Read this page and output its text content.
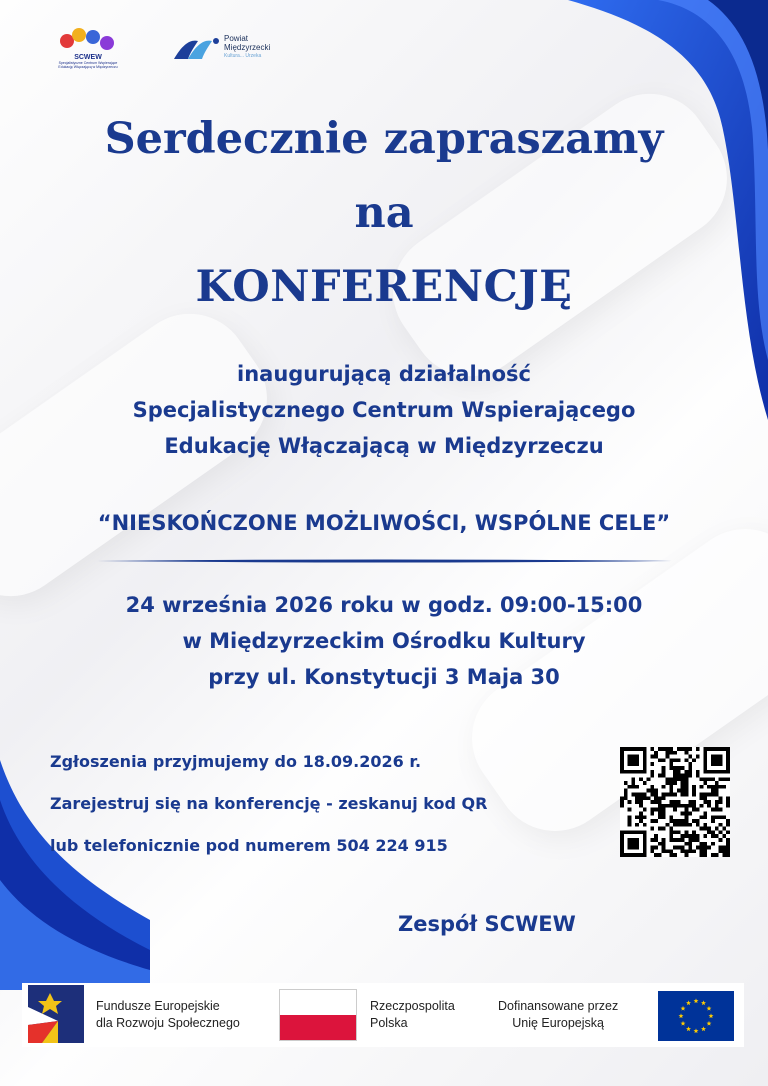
SCWEW
Specjalistyczne Centrum Wspierające Edukację Włączającą w Międzyrzeczu
Powiat
Międzyrzecki
Kultura... Urzeka
Serdecznie zapraszamy
na
KONFERENCJĘ
inaugurującą działalność
Specjalistycznego Centrum Wspierającego
Edukację Włączającą w Międzyrzeczu
“NIESKOŃCZONE MOŻLIWOŚCI, WSPÓLNE CELE”
24 września 2026 roku w godz. 09:00-15:00
w Międzyrzeckim Ośrodku Kultury
przy ul. Konstytucji 3 Maja 30
Zgłoszenia przyjmujemy do 18.09.2026 r.
Zarejestruj się na konferencję - zeskanuj kod QR
lub telefonicznie pod numerem 504 224 915
Zespół SCWEW
Fundusze Europejskie
dla Rozwoju Społecznego
Rzeczpospolita
Polska
Dofinansowane przez
Unię Europejską
